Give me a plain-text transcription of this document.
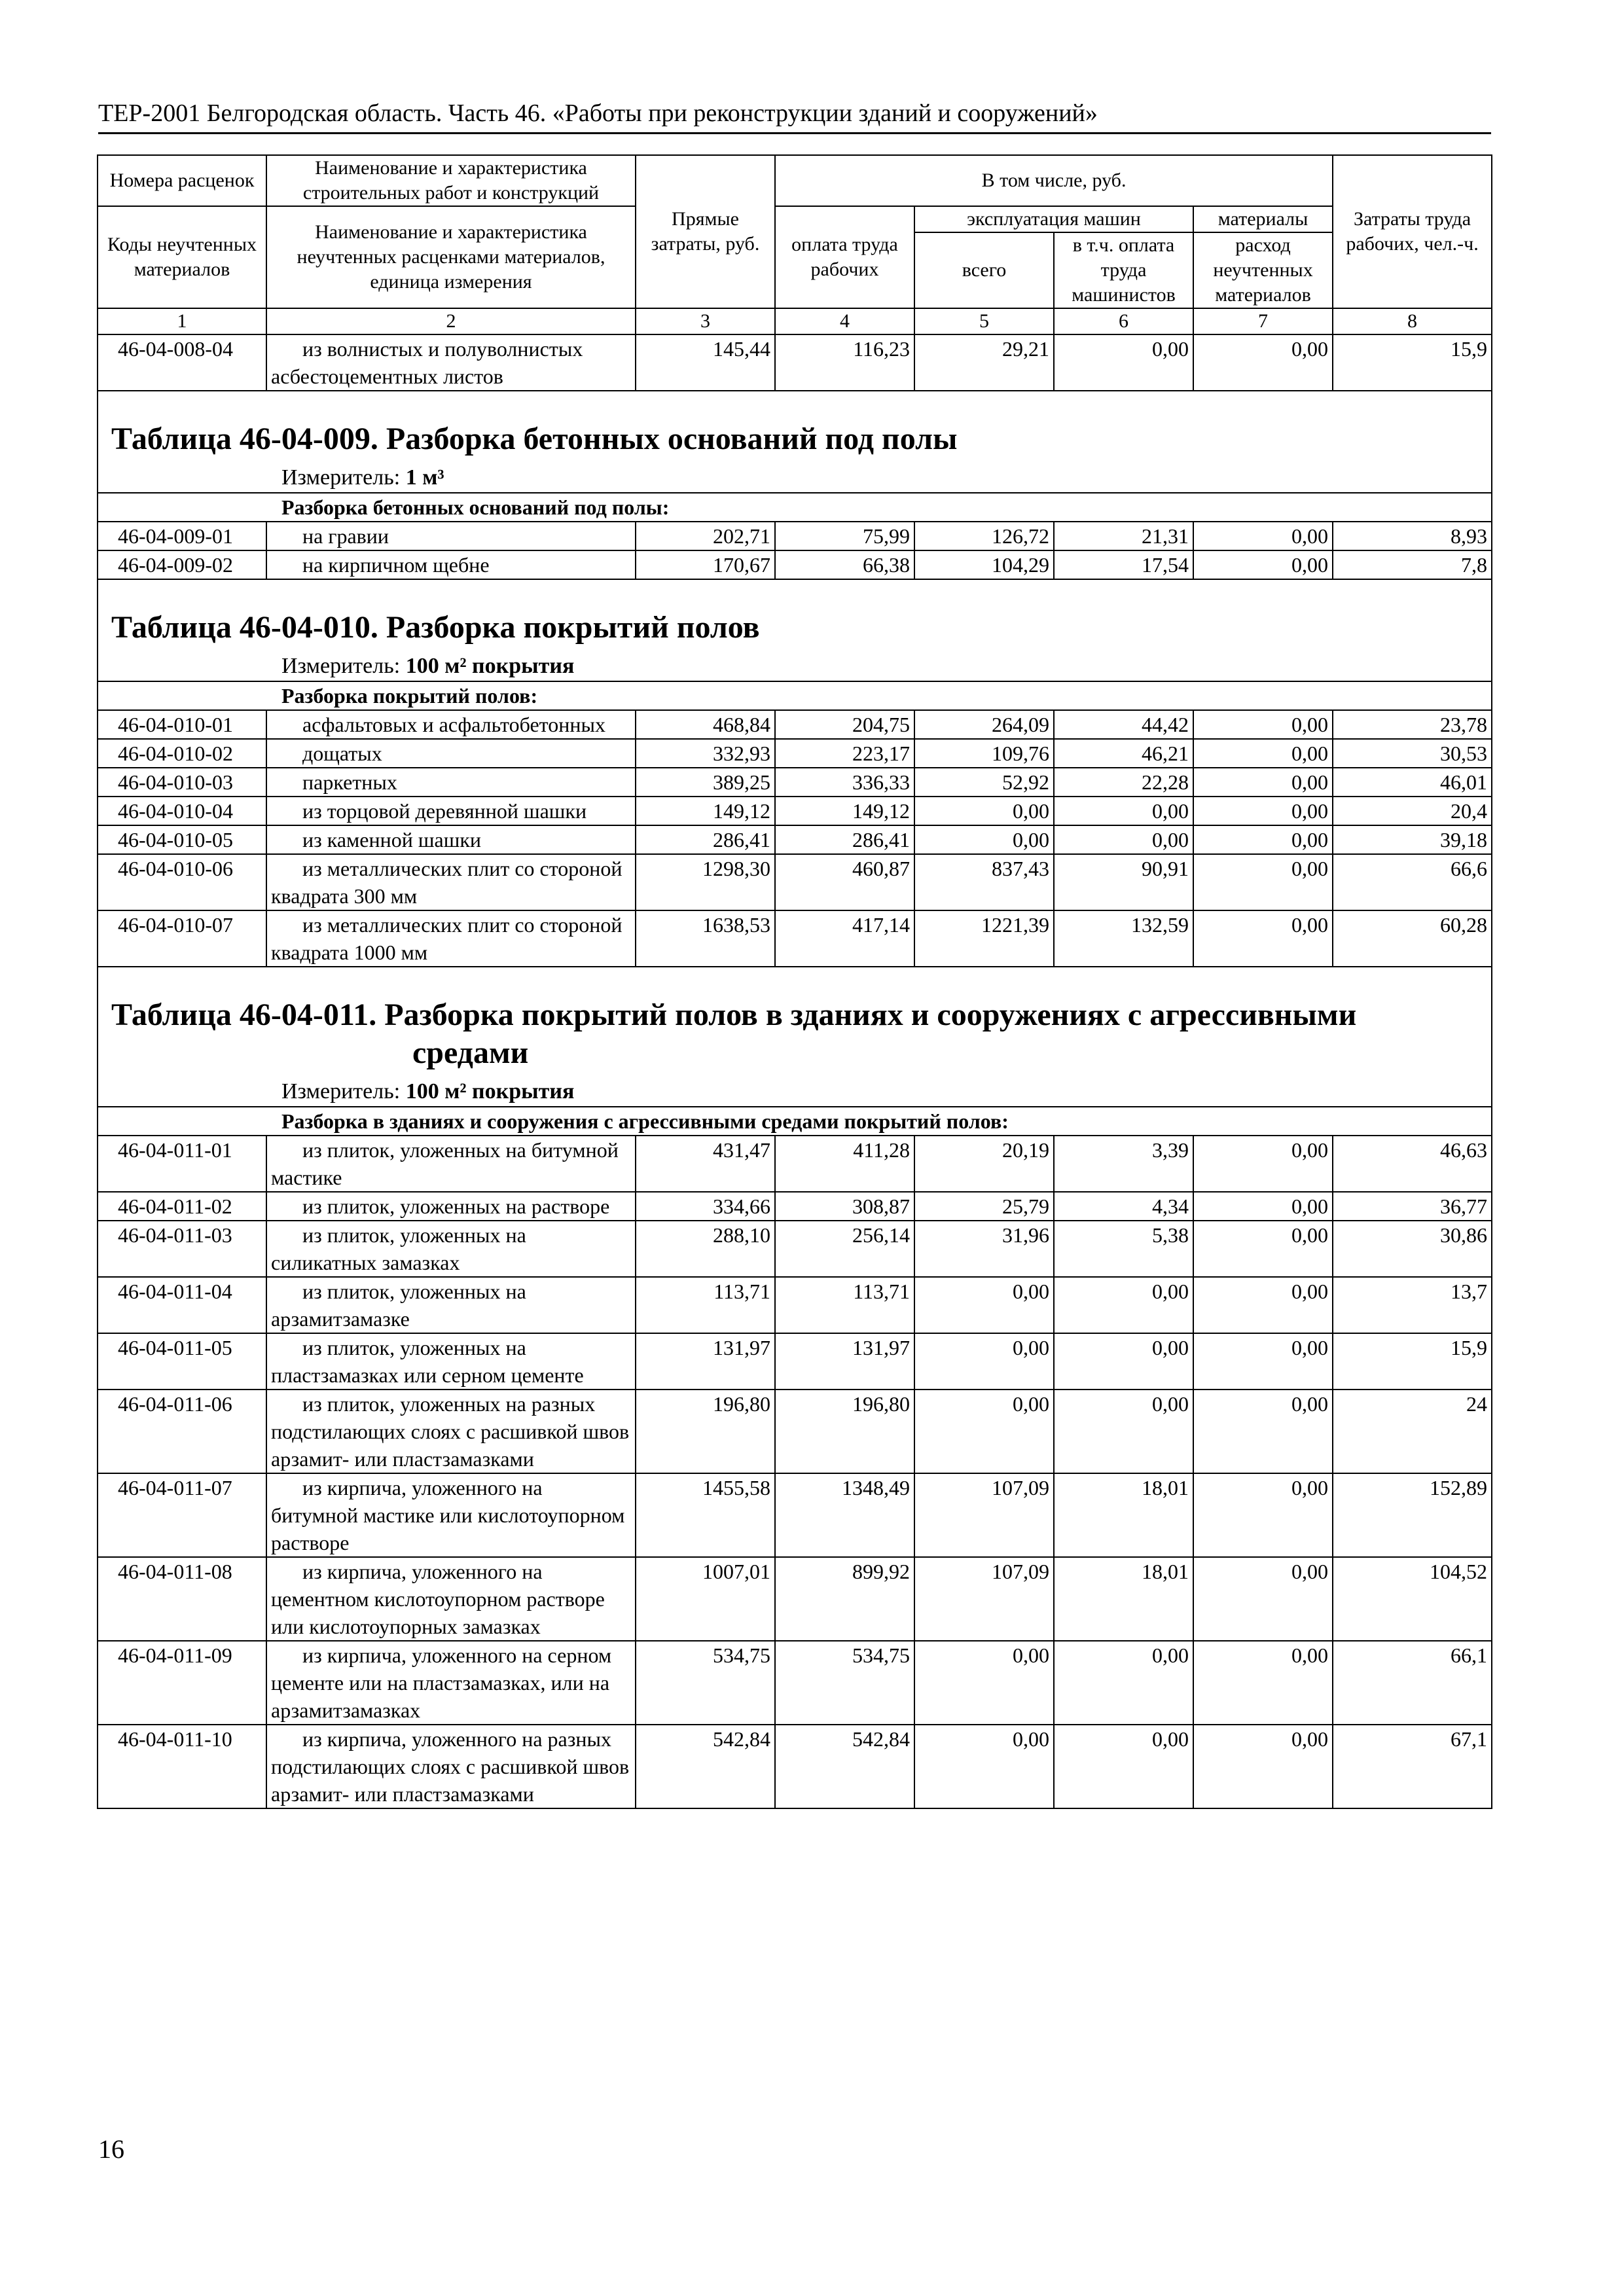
ТЕР-2001 Белгородская область. Часть 46. «Работы при реконструкции зданий и сооружений»
Номера расценок	Наименование и характеристика строительных работ и конструкций	Прямые затраты, руб.	В том числе, руб.				Затраты труда рабочих, чел.-ч.
Коды неучтенных материалов	Наименование и характеристика неучтенных расценками материалов, единица измерения		оплата труда рабочих	эксплуатация машин		материалы	
				всего	в т.ч. оплата труда машинистов	расход неучтенных материалов	
1	2	3	4	5	6	7	8
46-04-008-04	из волнистых и полуволнистых асбестоцементных листов	145,44	116,23	29,21	0,00	0,00	15,9

Таблица 46-04-009. Разборка бетонных оснований под полы
Измеритель: 1 м³							

Разборка бетонных оснований под полы:							
46-04-009-01	на гравии	202,71	75,99	126,72	21,31	0,00	8,93
46-04-009-02	на кирпичном щебне	170,67	66,38	104,29	17,54	0,00	7,8

Таблица 46-04-010. Разборка покрытий полов
Измеритель: 100 м² покрытия							

Разборка покрытий полов:							
46-04-010-01	асфальтовых и асфальтобетонных	468,84	204,75	264,09	44,42	0,00	23,78
46-04-010-02	дощатых	332,93	223,17	109,76	46,21	0,00	30,53
46-04-010-03	паркетных	389,25	336,33	52,92	22,28	0,00	46,01
46-04-010-04	из торцовой деревянной шашки	149,12	149,12	0,00	0,00	0,00	20,4
46-04-010-05	из каменной шашки	286,41	286,41	0,00	0,00	0,00	39,18
46-04-010-06	из металлических плит со стороной квадрата 300 мм	1298,30	460,87	837,43	90,91	0,00	66,6
46-04-010-07	из металлических плит со стороной квадрата 1000 мм	1638,53	417,14	1221,39	132,59	0,00	60,28

Таблица 46-04-011. Разборка покрытий полов в зданиях и сооружениях с агрессивными
средами
Измеритель: 100 м² покрытия							

Разборка в зданиях и сооружения с агрессивными средами покрытий полов:							
46-04-011-01	из плиток, уложенных на битумной мастике	431,47	411,28	20,19	3,39	0,00	46,63
46-04-011-02	из плиток, уложенных на растворе	334,66	308,87	25,79	4,34	0,00	36,77
46-04-011-03	из плиток, уложенных на силикатных замазках	288,10	256,14	31,96	5,38	0,00	30,86
46-04-011-04	из плиток, уложенных на арзамитзамазке	113,71	113,71	0,00	0,00	0,00	13,7
46-04-011-05	из плиток, уложенных на пластзамазках или серном цементе	131,97	131,97	0,00	0,00	0,00	15,9
46-04-011-06	из плиток, уложенных на разных подстилающих слоях с расшивкой швов арзамит- или пластзамазками	196,80	196,80	0,00	0,00	0,00	24
46-04-011-07	из кирпича, уложенного на битумной мастике или кислотоупорном растворе	1455,58	1348,49	107,09	18,01	0,00	152,89
46-04-011-08	из кирпича, уложенного на цементном кислотоупорном растворе или кислотоупорных замазках	1007,01	899,92	107,09	18,01	0,00	104,52
46-04-011-09	из кирпича, уложенного на серном цементе или на пластзамазках, или на арзамитзамазках	534,75	534,75	0,00	0,00	0,00	66,1
46-04-011-10	из кирпича, уложенного на разных подстилающих слоях с расшивкой швов арзамит- или пластзамазками	542,84	542,84	0,00	0,00	0,00	67,1
16
